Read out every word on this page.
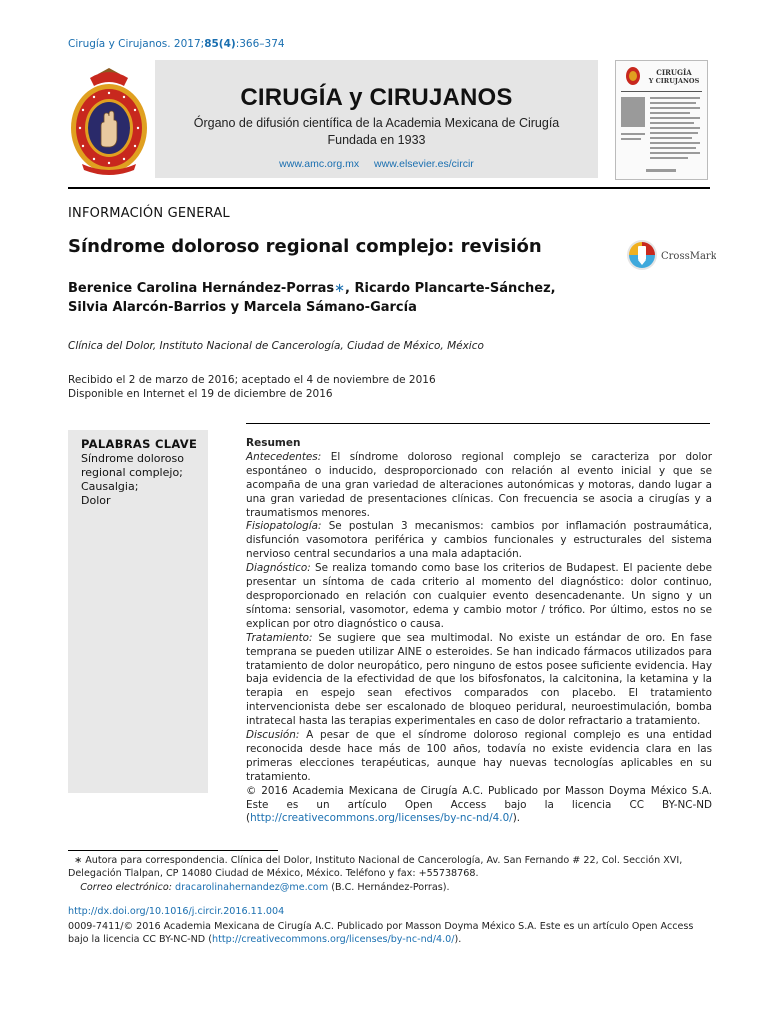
Cirugía y Cirujanos. 2017;85(4):366–374
CIRUGÍA y CIRUJANOS
Órgano de difusión científica de la Academia Mexicana de Cirugía
Fundada en 1933
www.amc.org.mx www.elsevier.es/circir
CIRUGÍA
Y CIRUJANOS
INFORMACIÓN GENERAL
Síndrome doloroso regional complejo: revisión	CrossMark
Berenice Carolina Hernández-Porras∗, Ricardo Plancarte-Sánchez,
Silvia Alarcón-Barrios y Marcela Sámano-García
Clínica del Dolor, Instituto Nacional de Cancerología, Ciudad de México, México
Recibido el 2 de marzo de 2016; aceptado el 4 de noviembre de 2016
Disponible en Internet el 19 de diciembre de 2016
PALABRAS CLAVE
Síndrome doloroso
regional complejo;
Causalgia;
Dolor
Resumen

Antecedentes: El síndrome doloroso regional complejo se caracteriza por dolor espontáneo o inducido, desproporcionado con relación al evento inicial y que se acompaña de una gran variedad de alteraciones autonómicas y motoras, dando lugar a una gran variedad de presentaciones clínicas. Con frecuencia se asocia a cirugías y a traumatismos menores.

Fisiopatología: Se postulan 3 mecanismos: cambios por inflamación postraumática, disfunción vasomotora periférica y cambios funcionales y estructurales del sistema nervioso central secundarios a una mala adaptación.

Diagnóstico: Se realiza tomando como base los criterios de Budapest. El paciente debe presentar un síntoma de cada criterio al momento del diagnóstico: dolor continuo, desproporcionado en relación con cualquier evento desencadenante. Un signo y un síntoma: sensorial, vasomotor, edema y cambio motor / trófico. Por último, estos no se explican por otro diagnóstico o causa.

Tratamiento: Se sugiere que sea multimodal. No existe un estándar de oro. En fase temprana se pueden utilizar AINE o esteroides. Se han indicado fármacos utilizados para tratamiento de dolor neuropático, pero ninguno de estos posee suficiente evidencia. Hay baja evidencia de la efectividad de que los bifosfonatos, la calcitonina, la ketamina y la terapia en espejo sean efectivos comparados con placebo. El tratamiento intervencionista debe ser escalonado de bloqueo peridural, neuroestimulación, bomba intratecal hasta las terapias experimentales en caso de dolor refractario a tratamiento.

Discusión: A pesar de que el síndrome doloroso regional complejo es una entidad reconocida desde hace más de 100 años, todavía no existe evidencia clara en las primeras elecciones terapéuticas, aunque hay nuevas tecnologías aplicables en su tratamiento.

© 2016 Academia Mexicana de Cirugía A.C. Publicado por Masson Doyma México S.A. Este es un artículo Open Access bajo la licencia CC BY-NC-ND (http://creativecommons.org/licenses/by-nc-nd/4.0/).

∗ Autora para correspondencia. Clínica del Dolor, Instituto Nacional de Cancerología, Av. San Fernando # 22, Col. Sección XVI, Delegación Tlalpan, CP 14080 Ciudad de México, México. Teléfono y fax: +55738768.

Correo electrónico: dracarolinahernandez@me.com (B.C. Hernández-Porras).

http://dx.doi.org/10.1016/j.circir.2016.11.004
0009-7411/© 2016 Academia Mexicana de Cirugía A.C. Publicado por Masson Doyma México S.A. Este es un artículo Open Access bajo la licencia CC BY-NC-ND (http://creativecommons.org/licenses/by-nc-nd/4.0/).
